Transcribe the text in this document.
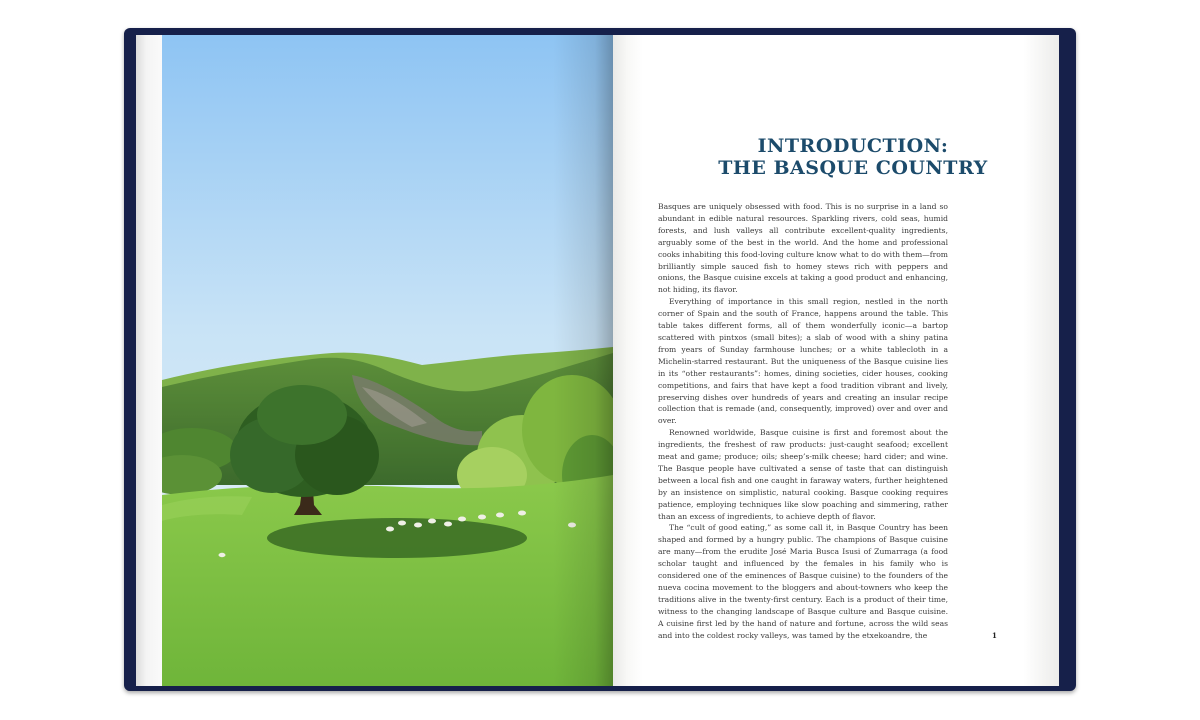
INTRODUCTION:
THE BASQUE COUNTRY

Basques are uniquely obsessed with food. This is no surprise in a land so abundant in edible natural resources. Sparkling rivers, cold seas, humid forests, and lush valleys all contribute excellent-quality ingredients, arguably some of the best in the world. And the home and professional cooks inhabiting this food-loving culture know what to do with them—from brilliantly simple sauced fish to homey stews rich with peppers and onions, the Basque cuisine excels at taking a good product and enhancing, not hiding, its flavor.

Everything of importance in this small region, nestled in the north corner of Spain and the south of France, happens around the table. This table takes different forms, all of them wonderfully iconic—a bartop scattered with pintxos (small bites); a slab of wood with a shiny patina from years of Sunday farmhouse lunches; or a white tablecloth in a Michelin-starred restaurant. But the uniqueness of the Basque cuisine lies in its “other restaurants”: homes, dining societies, cider houses, cooking competitions, and fairs that have kept a food tradition vibrant and lively, preserving dishes over hundreds of years and creating an insular recipe collection that is remade (and, consequently, improved) over and over and over.

Renowned worldwide, Basque cuisine is first and foremost about the ingredients, the freshest of raw products: just-caught seafood; excellent meat and game; produce; oils; sheep’s-milk cheese; hard cider; and wine. The Basque people have cultivated a sense of taste that can distinguish between a local fish and one caught in faraway waters, further heightened by an insistence on simplistic, natural cooking. Basque cooking requires patience, employing techniques like slow poaching and simmering, rather than an excess of ingredients, to achieve depth of flavor.

The “cult of good eating,” as some call it, in Basque Country has been shaped and formed by a hungry public. The champions of Basque cuisine are many—from the erudite José Maria Busca Isusi of Zumarraga (a food scholar taught and influenced by the females in his family who is considered one of the eminences of Basque cuisine) to the founders of the nueva cocina movement to the bloggers and about-towners who keep the traditions alive in the twenty-first century. Each is a product of their time, witness to the changing landscape of Basque culture and Basque cuisine. A cuisine first led by the hand of nature and fortune, across the wild seas and into the coldest rocky valleys, was tamed by the etxekoandre, the	1
